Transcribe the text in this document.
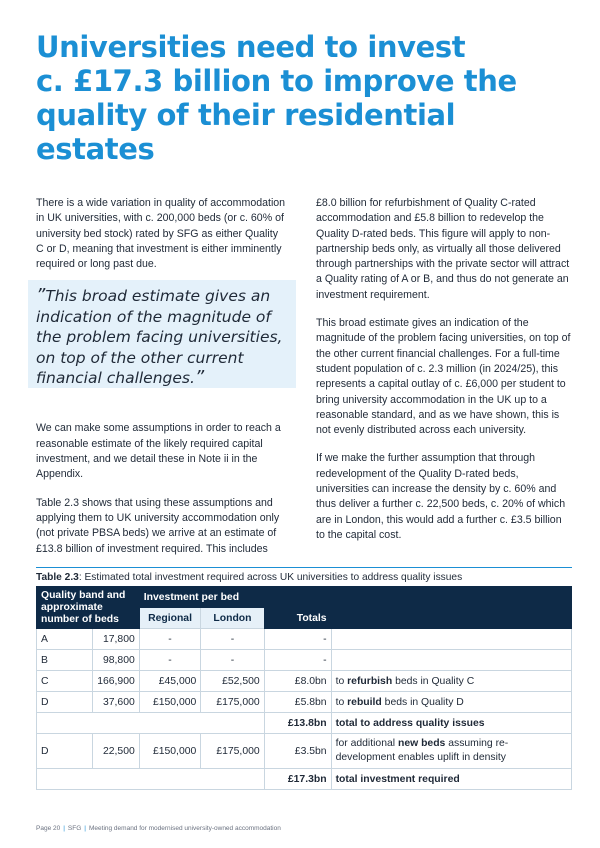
Universities need to invest
c. £17.3 billion to improve the
quality of their residential estates

There is a wide variation in quality of accommodation in UK universities, with c. 200,000 beds (or c. 60% of university bed stock) rated by SFG as either Quality C or D, meaning that investment is either imminently required or long past due.

We can make some assumptions in order to reach a reasonable estimate of the likely required capital investment, and we detail these in Note ii in the Appendix.

Table 2.3 shows that using these assumptions and applying them to UK university accommodation only (not private PBSA beds) we arrive at an estimate of £13.8 billion of investment required. This includes

”This broad estimate gives an indication of the magnitude of the problem facing universities, on top of the other current financial challenges.”

£8.0 billion for refurbishment of Quality C-rated accommodation and £5.8 billion to redevelop the Quality D-rated beds. This figure will apply to non-partnership beds only, as virtually all those delivered through partnerships with the private sector will attract a Quality rating of A or B, and thus do not generate an investment requirement.

This broad estimate gives an indication of the magnitude of the problem facing universities, on top of the other current financial challenges. For a full-time student population of c. 2.3 million (in 2024/25), this represents a capital outlay of c. £6,000 per student to bring university accommodation in the UK up to a reasonable standard, and as we have shown, this is not evenly distributed across each university.

If we make the further assumption that through redevelopment of the Quality D-rated beds, universities can increase the density by c. 60% and thus deliver a further c. 22,500 beds, c. 20% of which are in London, this would add a further c. £3.5 billion to the capital cost.

Table 2.3: Estimated total investment required across UK universities to address quality issues
Quality band and approximate number of beds		Investment per bed		Totals	
		Regional	London		
A	17,800	-	-	-	
B	98,800	-	-	-	
C	166,900	£45,000	£52,500	£8.0bn	to refurbish beds in Quality C
D	37,600	£150,000	£175,000	£5.8bn	to rebuild beds in Quality D
				£13.8bn	total to address quality issues
D	22,500	£150,000	£175,000	£3.5bn	for additional new beds assuming re-development enables uplift in density
				£17.3bn	total investment required
Page 20 | SFG | Meeting demand for modernised university-owned accommodation
